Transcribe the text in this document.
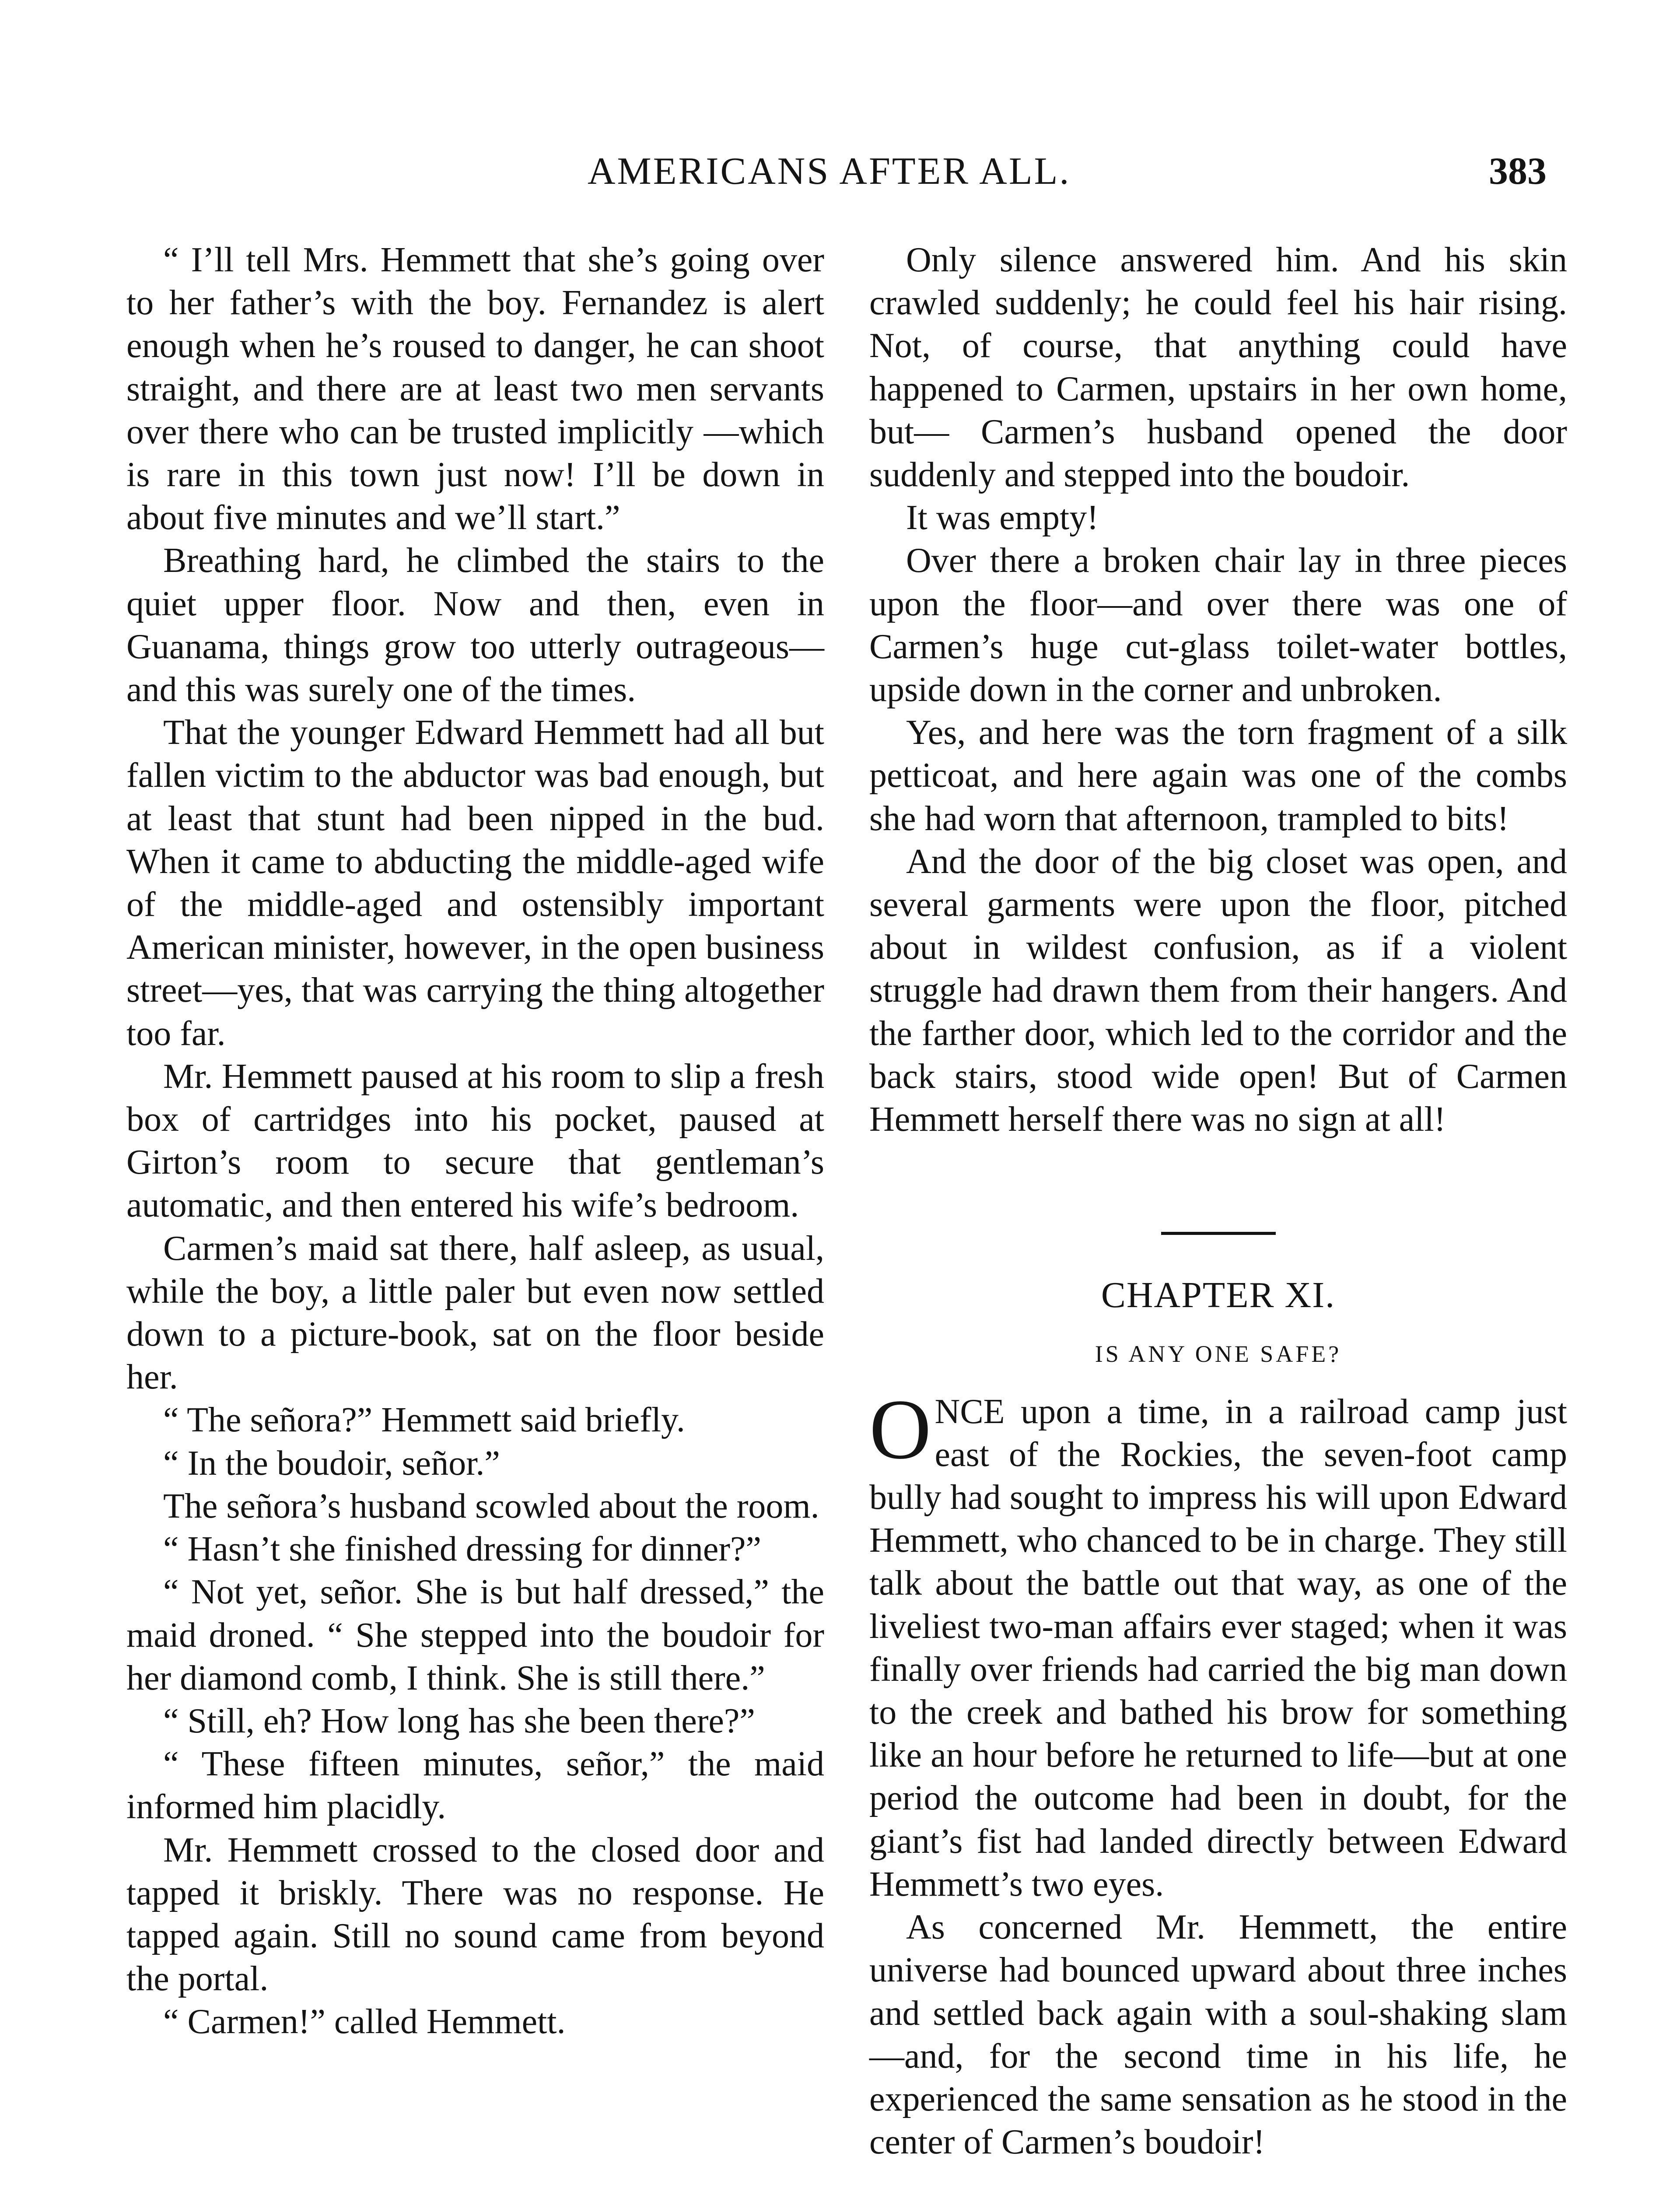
AMERICANS AFTER ALL.	383

“ I’ll tell Mrs. Hemmett that she’s going over to her father’s with the boy. Fernandez is alert enough when he’s roused to danger, he can shoot straight, and there are at least two men servants over there who can be trusted implicitly —which is rare in this town just now! I’ll be down in about five minutes and we’ll start.”

Breathing hard, he climbed the stairs to the quiet upper floor. Now and then, even in Guanama, things grow too utterly outrageous—and this was surely one of the times.

That the younger Edward Hemmett had all but fallen victim to the abductor was bad enough, but at least that stunt had been nipped in the bud. When it came to abducting the middle-aged wife of the middle-aged and ostensibly important American minister, however, in the open business street—yes, that was carrying the thing altogether too far.

Mr. Hemmett paused at his room to slip a fresh box of cartridges into his pocket, paused at Girton’s room to secure that gentleman’s automatic, and then entered his wife’s bedroom.

Carmen’s maid sat there, half asleep, as usual, while the boy, a little paler but even now settled down to a picture-book, sat on the floor beside her.

“ The señora?” Hemmett said briefly.

“ In the boudoir, señor.”

The señora’s husband scowled about the room.

“ Hasn’t she finished dressing for dinner?”

“ Not yet, señor. She is but half dressed,” the maid droned. “ She stepped into the boudoir for her diamond comb, I think. She is still there.”

“ Still, eh? How long has she been there?”

“ These fifteen minutes, señor,” the maid informed him placidly.

Mr. Hemmett crossed to the closed door and tapped it briskly. There was no response. He tapped again. Still no sound came from beyond the portal.

“ Carmen!” called Hemmett.

Only silence answered him. And his skin crawled suddenly; he could feel his hair rising. Not, of course, that anything could have happened to Carmen, upstairs in her own home, but— Carmen’s husband opened the door suddenly and stepped into the boudoir.

It was empty!

Over there a broken chair lay in three pieces upon the floor—and over there was one of Carmen’s huge cut-glass toilet-water bottles, upside down in the corner and unbroken.

Yes, and here was the torn fragment of a silk petticoat, and here again was one of the combs she had worn that afternoon, trampled to bits!

And the door of the big closet was open, and several garments were upon the floor, pitched about in wildest confusion, as if a violent struggle had drawn them from their hangers. And the farther door, which led to the corridor and the back stairs, stood wide open! But of Carmen Hemmett herself there was no sign at all!

CHAPTER XI.
IS ANY ONE SAFE?

ONCE upon a time, in a railroad camp just east of the Rockies, the seven-foot camp bully had sought to impress his will upon Edward Hemmett, who chanced to be in charge. They still talk about the battle out that way, as one of the liveliest two-man affairs ever staged; when it was finally over friends had carried the big man down to the creek and bathed his brow for something like an hour before he returned to life—but at one period the outcome had been in doubt, for the giant’s fist had landed directly between Edward Hemmett’s two eyes.

As concerned Mr. Hemmett, the entire universe had bounced upward about three inches and settled back again with a soul-shaking slam—and, for the second time in his life, he experienced the same sensation as he stood in the center of Carmen’s boudoir!
